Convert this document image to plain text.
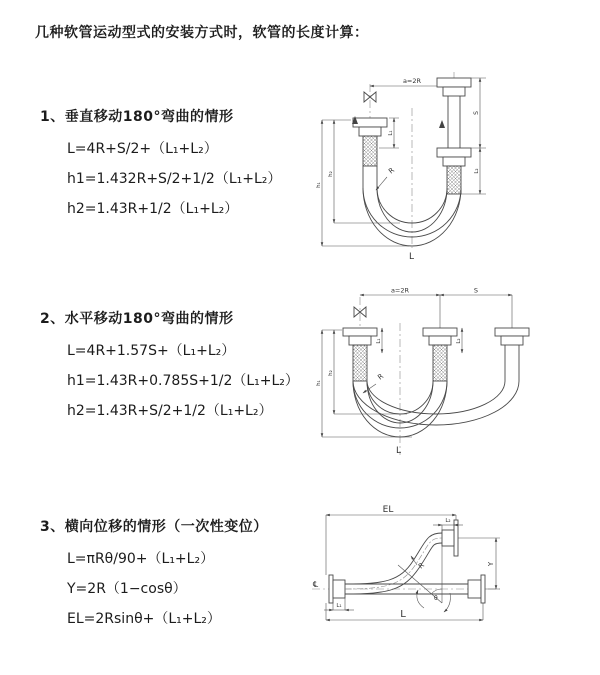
几种软管运动型式的安装方式时，软管的长度计算：
1、垂直移动180°弯曲的情形
L=4R+S/2+（L₁+L₂）
h1=1.432R+S/2+1/2（L₁+L₂）
h2=1.43R+1/2（L₁+L₂）
2、水平移动180°弯曲的情形
L=4R+1.57S+（L₁+L₂）
h1=1.43R+0.785S+1/2（L₁+L₂）
h2=1.43R+S/2+1/2（L₁+L₂）
3、横向位移的情形（一次性变位）
L=πRθ/90+（L₁+L₂）
Y=2R（1−cosθ）
EL=2Rsinθ+（L₁+L₂）
a=2R
R
L
h₁
h₂
L₁
S
L₂
a=2R	S
R
h₁
h₂
L₁	L₂
L
℄
EL
L₂
Y
θ
R
L
L₁
